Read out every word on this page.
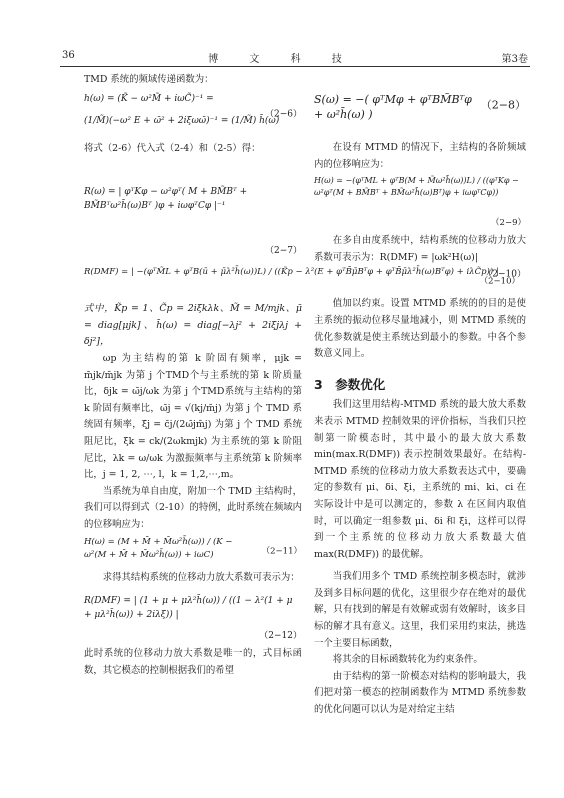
36	博 文 科 技	第3卷

TMD 系统的频域传递函数为：

h(ω) = (K̃ − ω²M̃ + iωC̃)⁻¹ =
(1/M̃)(−ω² E + ω̄² + 2iξωω̄)⁻¹ = (1/M̃) h̄(ω)
（2−6）

将式（2-6）代入式（2-4）和（2-5）得：

R(ω) = | φᵀKφ − ω²φᵀ( M + BM̃Bᵀ + BM̃Bᵀω²h̄(ω)Bᵀ )φ + iωφᵀCφ |⁻¹
（2−7）
R(DMF) = | −(φᵀM̃L + φᵀB(ū + μ̄λ²h̄(ω))L) / ((K̃p − λ²(E + φᵀB̄μ̄Bᵀφ + φᵀB̄μ̄λ²h̄(ω)Bᵀφ) + iλC̃p)) |
（2−10）

式中，K̃p = 1、C̃p = 2iξkλk、M̃ = M/mjk、μ̄ = diag[μjk]、h̄(ω) = diag[−λj² + 2iξ̄jλj + δj²]，

ωp 为主结构的第 k 阶固有频率，μjk = m̄jk/m̄jk 为第 j 个TMD个与主系统的第 k 阶质量比，δjk = ω̄j/ωk 为第 j 个TMD系统与主结构的第 k 阶固有频率比，ω̄j = √(kj/m̄j) 为第 j 个 TMD 系统固有频率，ξ̄j = c̄j/(2ω̄jm̄j) 为第 j 个 TMD 系统阻尼比，ξk = ck/(2ωkmjk) 为主系统的第 k 阶阻尼比，λk = ω/ωk 为激振频率与主系统第 k 阶频率比，j = 1, 2, ⋯, l，k = 1,2,⋯,m。

当系统为单自由度，附加一个 TMD 主结构时，我们可以得到式（2-10）的特例，此时系统在频域内的位移响应为：

H(ω) = (M + M̄ + M̄ω²h̄(ω)) / (K − ω²(M + M̄ + M̄ω²h̄(ω)) + iωC)	（2−11）

求得其结构系统的位移动力放大系数可表示为：

R(DMF) = | (1 + μ + μλ²h̄(ω)) / ((1 − λ²(1 + μ + μλ²h̄(ω)) + 2iλξ)) |
（2−12）

此时系统的位移动力放大系数是唯一的，式目标函数，其它模态的控制根据我们的希望

S(ω) = −( φᵀMφ + φᵀBM̃Bᵀφ + ω²h̄(ω) )
（2−8）

在设有 MTMD 的情况下，主结构的各阶频域内的位移响应为：

H(ω) = −(φᵀML + φᵀB(M + M̃ω²h̄(ω))L) / ((φᵀKφ − ω²φᵀ(M + BM̃Bᵀ + BM̃ω²h̄(ω)Bᵀ)φ + iωφᵀCφ))
（2−9）

在多自由度系统中，结构系统的位移动力放大系数可表示为：R(DMF) = |ωk²H(ω)|

（2−10）

值加以约束。设置 MTMD 系统的的目的是使主系统的振动位移尽量地减小，则 MTMD 系统的优化参数就是使主系统达到最小的参数。中各个参数意义同上。

3　参数优化

我们这里用结构-MTMD 系统的最大放大系数来表示 MTMD 控制效果的评价指标，当我们只控制第一阶模态时，其中最小的最大放大系数 min(max.R(DMF)) 表示控制效果最好。在结构-MTMD 系统的位移动力放大系数表达式中，要确定的参数有 μi、δi、ξ̄i，主系统的 mi、ki、ci 在实际设计中是可以测定的，参数 λ 在区间内取值时，可以确定一组参数 μi、δi 和 ξ̄i，这样可以得到一个主系统的位移动力放大系数最大值 max(R(DMF)) 的最优解。

当我们用多个 TMD 系统控制多模态时，就涉及到多目标问题的优化，这里很少存在绝对的最优解，只有找到的解是有效解或弱有效解时，该多目标的解才具有意义。这里，我们采用约束法，挑选一个主要目标函数，

将其余的目标函数转化为约束条件。

由于结构的第一阶模态对结构的影响最大，我们把对第一模态的控制函数作为 MTMD 系统参数的优化问题可以认为是对给定主结
